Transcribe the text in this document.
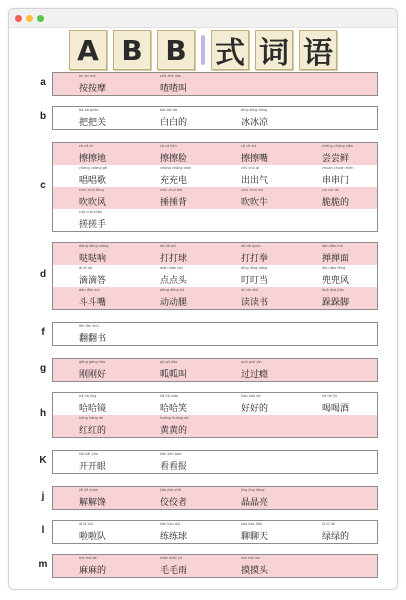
A B B 式 词 语
àn àn mó
按按摩
zhā zhā jiào
喳喳叫
a
bǎ bǎ guān
把把关
bái bái de
白白的
bīng bīng liáng
冰冰凉
b
cā cā dì
擦擦地
cā cā liǎn
擦擦脸
cā cā zuǐ
擦擦嘴
cháng cháng xiān
尝尝鲜
chàng chàng gē
唱唱歌
chōng chōng diàn
充充电
chū chū qì
出出气
chuàn chuàn mén
串串门
chuī chuī fēng
吹吹风
chuí chuí bèi
捶捶背
chuī chuī niú
吹吹牛
cuì cuì de
脆脆的
cuō cuō shǒu
搓搓手
c
dāng dāng xiǎng
哒哒响
dǎ dǎ qiú
打打球
dǎ dǎ quán
打打拳
dàn dàn huī
掸掸面
dī dī dā
滴滴答
diǎn diǎn tóu
点点头
dīng dīng dāng
叮叮当
dōu dōu fēng
兜兜风
dòu dòu zuǐ
斗斗嘴
dòng dòng tuǐ
动动腿
dú dú shū
读读书
duò duò jiǎo
跺跺脚
d
fān fān shū
翻翻书
f
gāng gāng hǎo
刚刚好
gū gū jiào
呱呱叫
guò guò yǐn
过过瘾
g
hā hā jìng
哈哈镜
hā hā xiào
哈哈笑
hǎo hǎo de
好好的
hē hē jiǔ
喝喝酒
hóng hóng de
红红的
huáng huáng de
黄黄的
h
kāi kāi yǎn
开开眼
kàn kàn bào
看看报
K
jiě jiě chán
解解馋
jiǎo jiǎo zhě
佼佼者
jīng jīng liàng
晶晶亮
j
lā lā duì
啦啦队
liàn liàn qiú
练练球
liáo liáo tiān
聊聊天
lǜ lǜ de
绿绿的
l
má má de
麻麻的
máo máo yǔ
毛毛雨
mō mō tóu
摸摸头
m
